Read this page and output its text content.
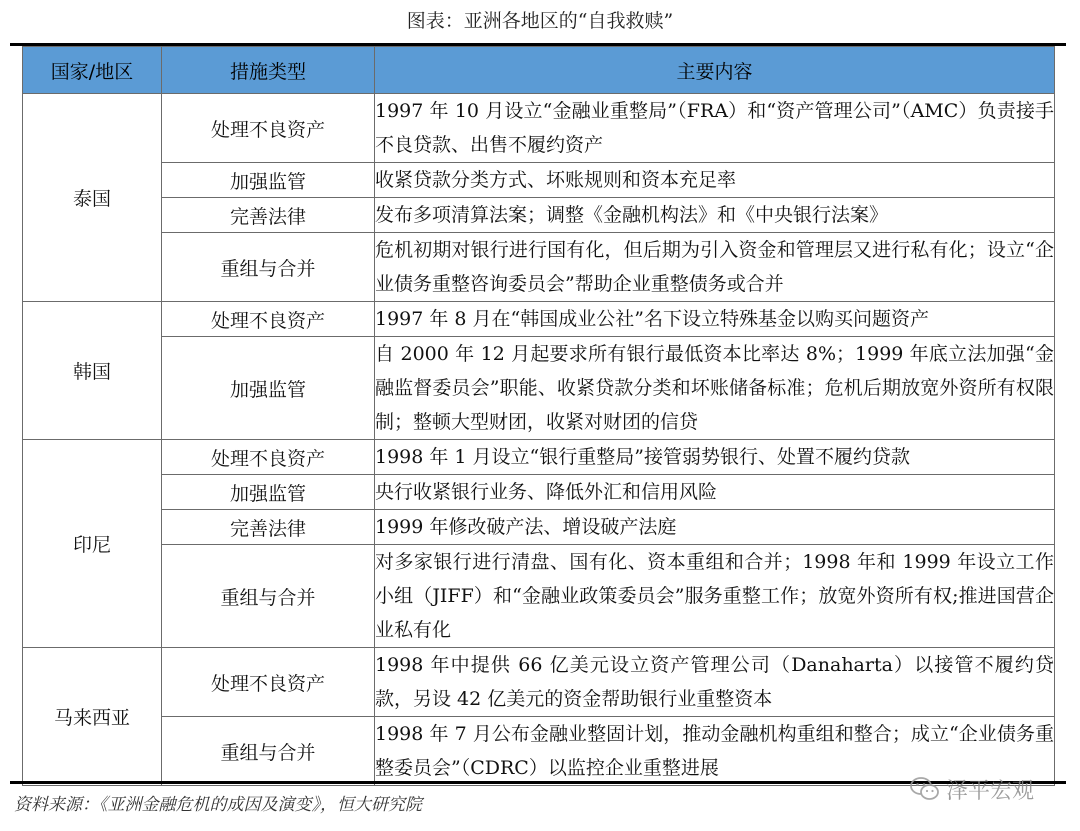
图表：亚洲各地区的“自我救赎”
国家/地区	措施类型	主要内容
泰国	处理不良资产	1997 年 10 月设立“金融业重整局”（FRA）和“资产管理公司”（AMC）负责接手不良贷款、出售不履约资产
	加强监管	收紧贷款分类方式、坏账规则和资本充足率
	完善法律	发布多项清算法案；调整《金融机构法》和《中央银行法案》
	重组与合并	危机初期对银行进行国有化，但后期为引入资金和管理层又进行私有化；设立“企业债务重整咨询委员会”帮助企业重整债务或合并
韩国	处理不良资产	1997 年 8 月在“韩国成业公社”名下设立特殊基金以购买问题资产
	加强监管	自 2000 年 12 月起要求所有银行最低资本比率达 8%；1999 年底立法加强“金融监督委员会”职能、收紧贷款分类和坏账储备标准；危机后期放宽外资所有权限制；整顿大型财团，收紧对财团的信贷
印尼	处理不良资产	1998 年 1 月设立“银行重整局”接管弱势银行、处置不履约贷款
	加强监管	央行收紧银行业务、降低外汇和信用风险
	完善法律	1999 年修改破产法、增设破产法庭
	重组与合并	对多家银行进行清盘、国有化、资本重组和合并；1998 年和 1999 年设立工作小组（JIFF）和“金融业政策委员会”服务重整工作；放宽外资所有权;推进国营企业私有化
马来西亚	处理不良资产	1998 年中提供 66 亿美元设立资产管理公司（Danaharta）以接管不履约贷款，另设 42 亿美元的资金帮助银行业重整资本
	重组与合并	1998 年 7 月公布金融业整固计划，推动金融机构重组和整合；成立“企业债务重整委员会”（CDRC）以监控企业重整进展
资料来源：《亚洲金融危机的成因及演变》，恒大研究院
泽平宏观
